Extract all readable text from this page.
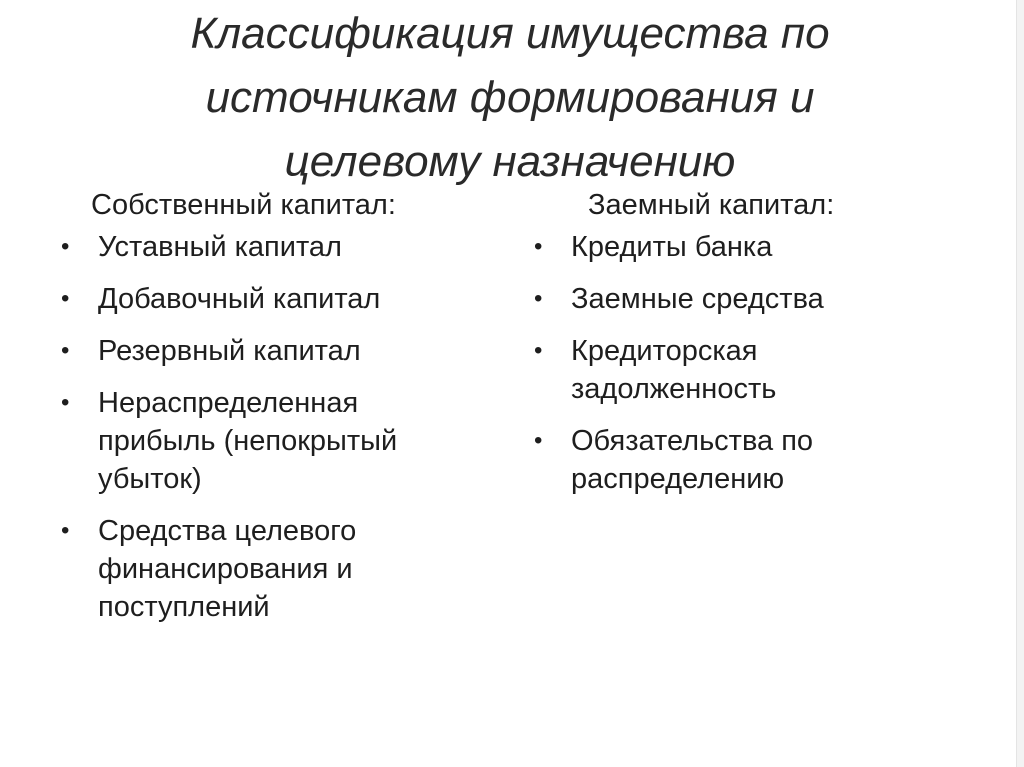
Классификация имущества по
источникам формирования и
целевому назначению

Собственный капитал:

• Уставный капитал
• Добавочный капитал
• Резервный капитал
• Нераспределенная
прибыль (непокрытый
убыток)
• Средства целевого
финансирования и
поступлений

Заемный капитал:

• Кредиты банка
• Заемные средства
• Кредиторская
задолженность
• Обязательства по
распределению
